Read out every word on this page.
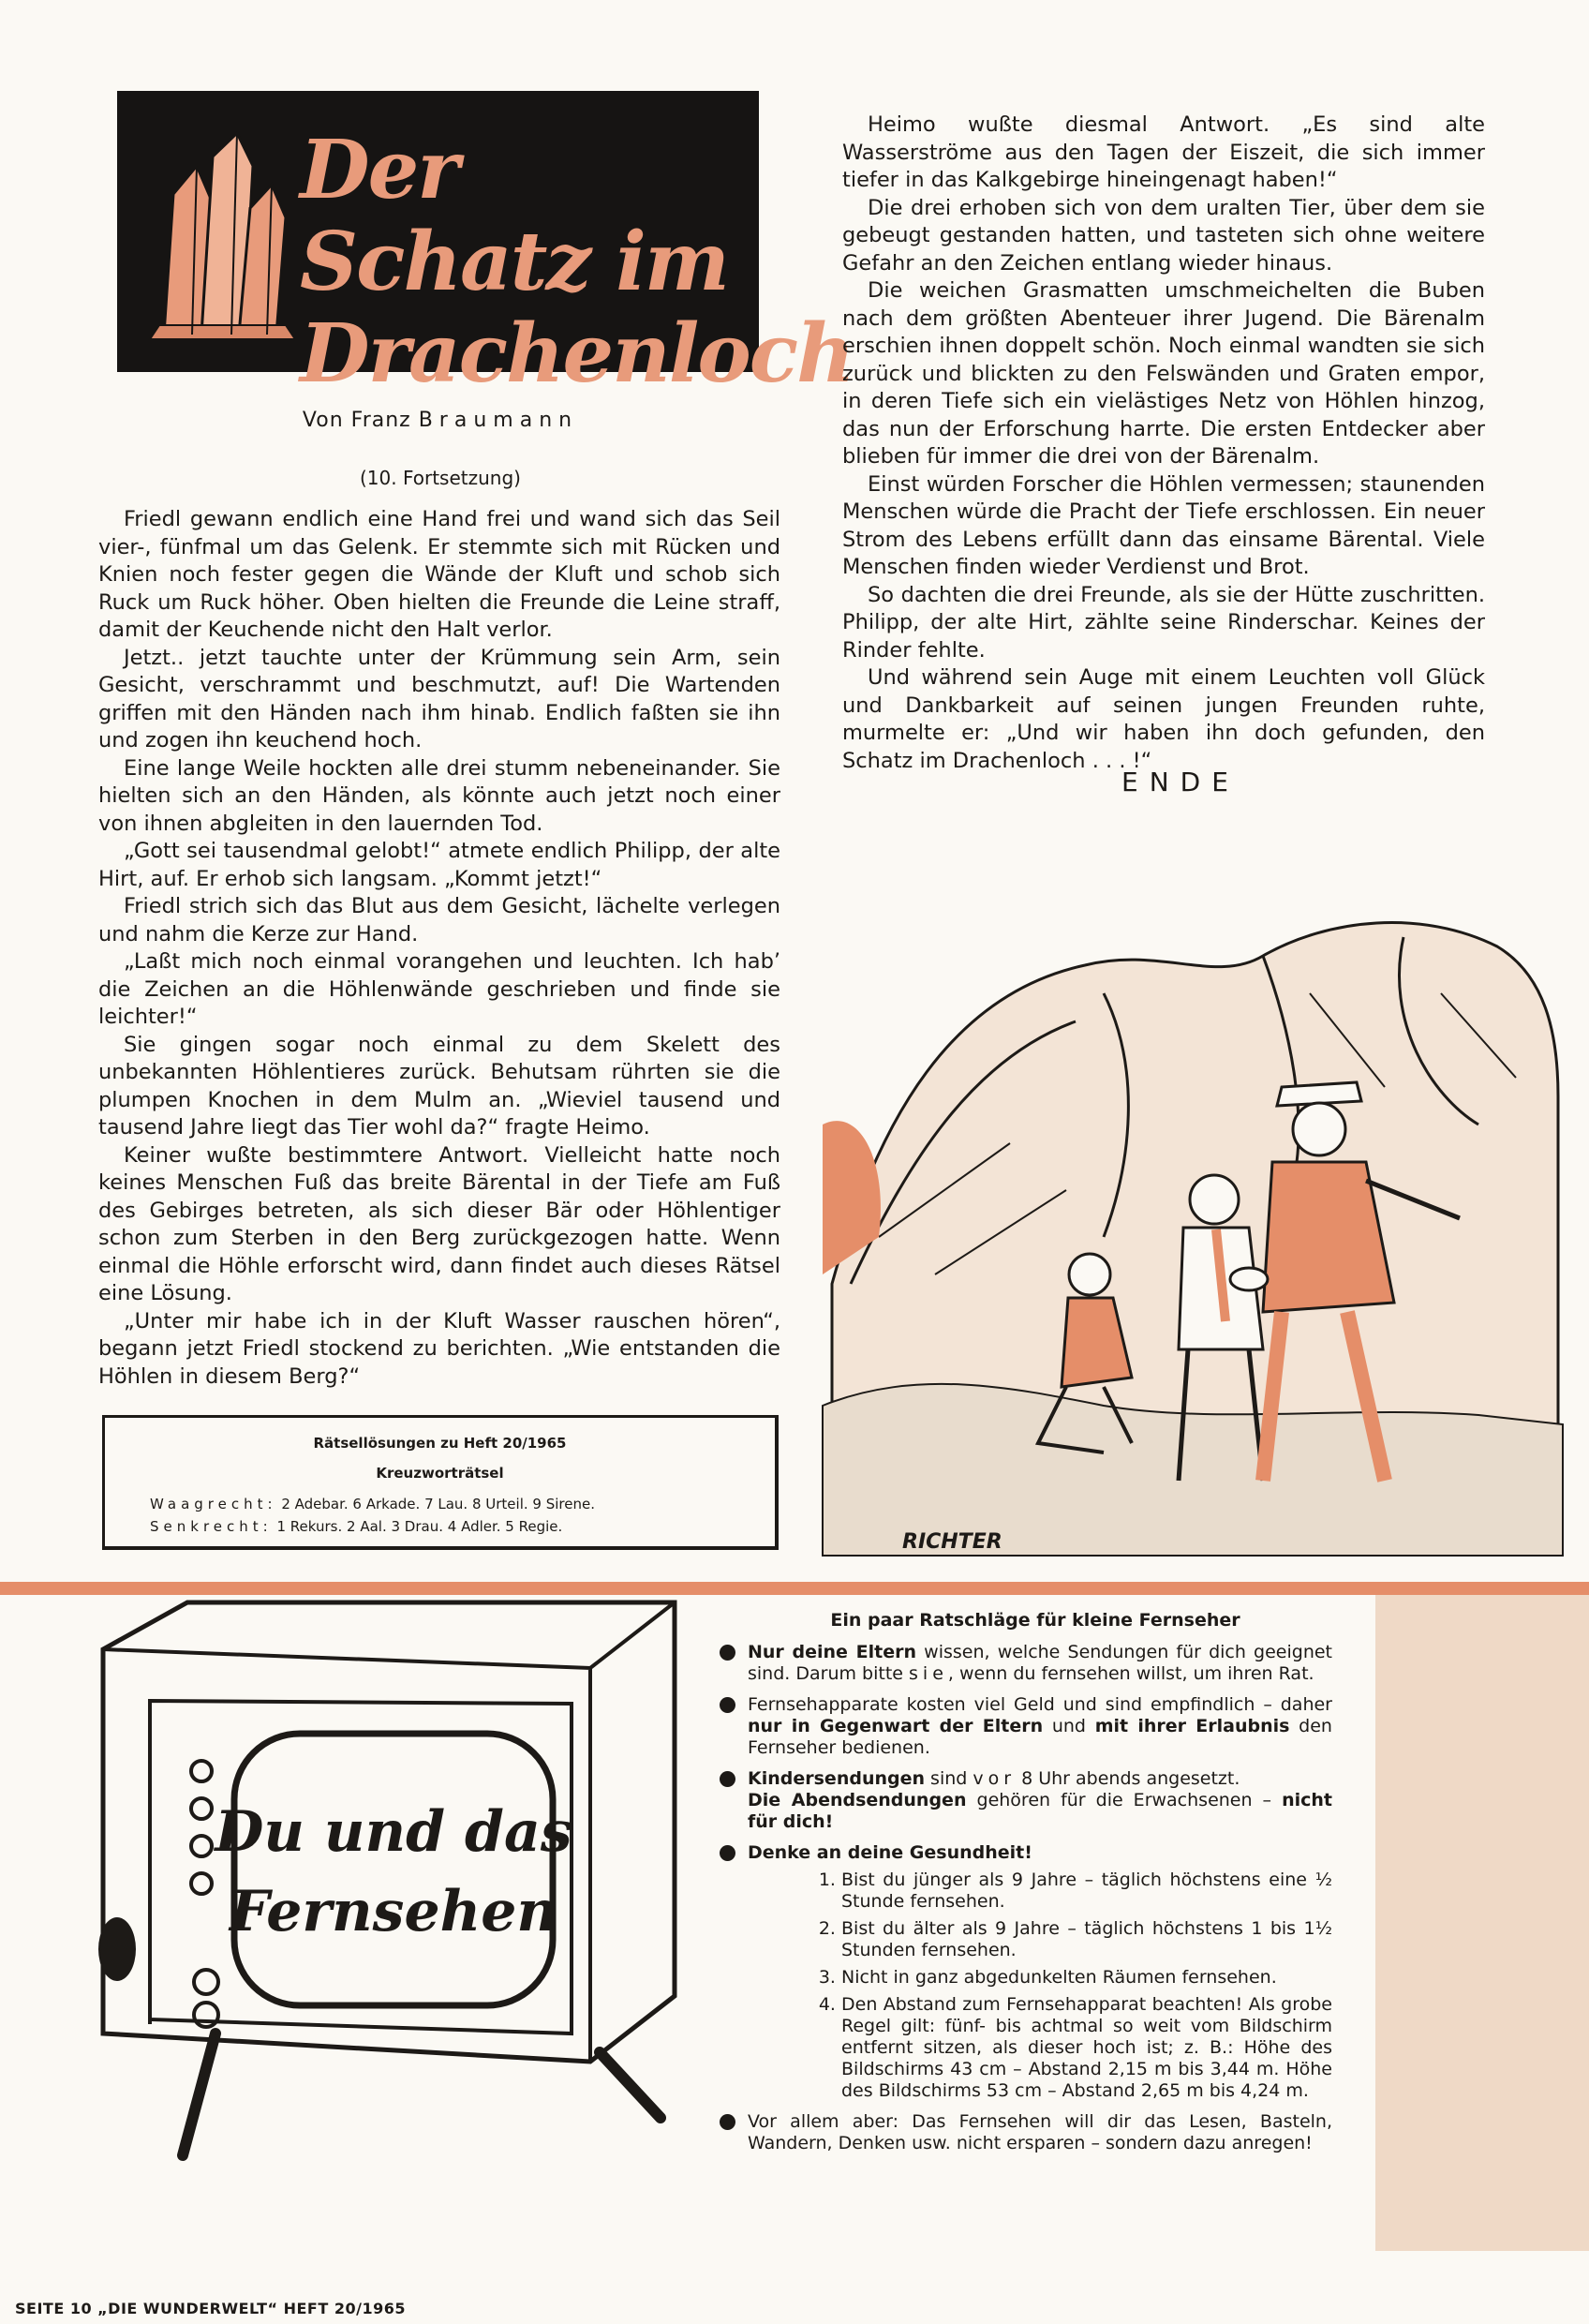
Der Schatz im
Drachenloch
Von Franz Braumann
(10. Fortsetzung)

Friedl gewann endlich eine Hand frei und wand sich das Seil vier-, fünfmal um das Gelenk. Er stemmte sich mit Rücken und Knien noch fester gegen die Wände der Kluft und schob sich Ruck um Ruck höher. Oben hielten die Freunde die Leine straff, damit der Keuchende nicht den Halt verlor.

Jetzt.. jetzt tauchte unter der Krümmung sein Arm, sein Gesicht, verschrammt und beschmutzt, auf! Die Wartenden griffen mit den Händen nach ihm hinab. Endlich faßten sie ihn und zogen ihn keuchend hoch.

Eine lange Weile hockten alle drei stumm nebeneinander. Sie hielten sich an den Händen, als könnte auch jetzt noch einer von ihnen abgleiten in den lauernden Tod.

„Gott sei tausendmal gelobt!“ atmete endlich Philipp, der alte Hirt, auf. Er erhob sich langsam. „Kommt jetzt!“

Friedl strich sich das Blut aus dem Gesicht, lächelte verlegen und nahm die Kerze zur Hand.

„Laßt mich noch einmal vorangehen und leuchten. Ich hab’ die Zeichen an die Höhlenwände geschrieben und finde sie leichter!“

Sie gingen sogar noch einmal zu dem Skelett des unbekannten Höhlentieres zurück. Behutsam rührten sie die plumpen Knochen in dem Mulm an. „Wieviel tausend und tausend Jahre liegt das Tier wohl da?“ fragte Heimo.

Keiner wußte bestimmtere Antwort. Vielleicht hatte noch keines Menschen Fuß das breite Bärental in der Tiefe am Fuß des Gebirges betreten, als sich dieser Bär oder Höhlentiger schon zum Sterben in den Berg zurückgezogen hatte. Wenn einmal die Höhle erforscht wird, dann findet auch dieses Rätsel eine Lösung.

„Unter mir habe ich in der Kluft Wasser rauschen hören“, begann jetzt Friedl stockend zu berichten. „Wie entstanden die Höhlen in diesem Berg?“

Heimo wußte diesmal Antwort. „Es sind alte Wasserströme aus den Tagen der Eiszeit, die sich immer tiefer in das Kalkgebirge hineingenagt haben!“

Die drei erhoben sich von dem uralten Tier, über dem sie gebeugt gestanden hatten, und tasteten sich ohne weitere Gefahr an den Zeichen entlang wieder hinaus.

Die weichen Grasmatten umschmeichelten die Buben nach dem größten Abenteuer ihrer Jugend. Die Bärenalm erschien ihnen doppelt schön. Noch einmal wandten sie sich zurück und blickten zu den Felswänden und Graten empor, in deren Tiefe sich ein vielästiges Netz von Höhlen hinzog, das nun der Erforschung harrte. Die ersten Entdecker aber blieben für immer die drei von der Bärenalm.

Einst würden Forscher die Höhlen vermessen; staunenden Menschen würde die Pracht der Tiefe erschlossen. Ein neuer Strom des Lebens erfüllt dann das einsame Bärental. Viele Menschen finden wieder Verdienst und Brot.

So dachten die drei Freunde, als sie der Hütte zuschritten. Philipp, der alte Hirt, zählte seine Rinderschar. Keines der Rinder fehlte.

Und während sein Auge mit einem Leuchten voll Glück und Dankbarkeit auf seinen jungen Freunden ruhte, murmelte er: „Und wir haben ihn doch gefunden, den Schatz im Drachenloch . . . !“

ENDE
RICHTER
Rätsellösungen zu Heft 20/1965
Kreuzworträtsel
Waagrecht: 2 Adebar. 6 Arkade. 7 Lau. 8 Urteil. 9 Sirene.
Senkrecht: 1 Rekurs. 2 Aal. 3 Drau. 4 Adler. 5 Regie.
Du und das
Fernsehen
Ein paar Ratschläge für kleine Fernseher
Nur deine Eltern wissen, welche Sendungen für dich geeignet sind. Darum bitte sie, wenn du fernsehen willst, um ihren Rat.
Fernsehapparate kosten viel Geld und sind empfindlich – daher nur in Gegenwart der Eltern und mit ihrer Erlaubnis den Fernseher bedienen.
Kindersendungen sind vor 8 Uhr abends angesetzt.
Die Abendsendungen gehören für die Erwachsenen – nicht für dich!
Denke an deine Gesundheit!
1. Bist du jünger als 9 Jahre – täglich höchstens eine ½ Stunde fernsehen.
2. Bist du älter als 9 Jahre – täglich höchstens 1 bis 1½ Stunden fernsehen.
3. Nicht in ganz abgedunkelten Räumen fernsehen.
4. Den Abstand zum Fernsehapparat beachten! Als grobe Regel gilt: fünf- bis achtmal so weit vom Bildschirm entfernt sitzen, als dieser hoch ist; z. B.: Höhe des Bildschirms 43 cm – Abstand 2,15 m bis 3,44 m. Höhe des Bildschirms 53 cm – Abstand 2,65 m bis 4,24 m.
Vor allem aber: Das Fernsehen will dir das Lesen, Basteln, Wandern, Denken usw. nicht ersparen – sondern dazu anregen!
SEITE 10 „DIE WUNDERWELT“ HEFT 20/1965
